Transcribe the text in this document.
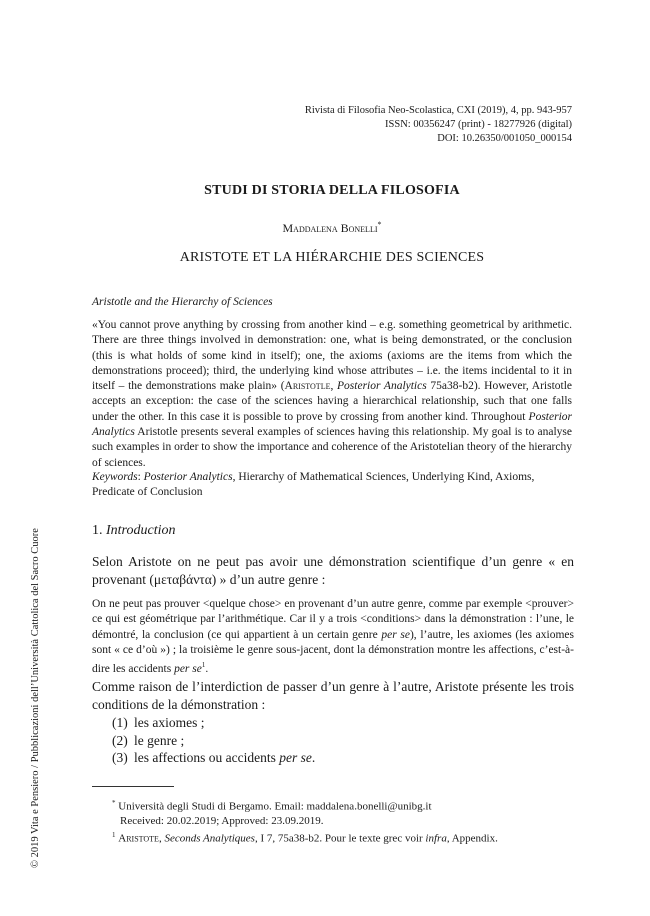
Rivista di Filosofia Neo-Scolastica, CXI (2019), 4, pp. 943-957
ISSN: 00356247 (print) - 18277926 (digital)
DOI: 10.26350/001050_000154
STUDI DI STORIA DELLA FILOSOFIA
Maddalena Bonelli*
ARISTOTE ET LA HIÉRARCHIE DES SCIENCES
Aristotle and the Hierarchy of Sciences
«You cannot prove anything by crossing from another kind – e.g. something geometrical by arithmetic. There are three things involved in demonstration: one, what is being demonstrated, or the conclusion (this is what holds of some kind in itself); one, the axioms (axioms are the items from which the demonstrations proceed); third, the underlying kind whose attributes – i.e. the items incidental to it in itself – the demonstrations make plain» (Aristotle, Posterior Analytics 75a38-b2). However, Aristotle accepts an exception: the case of the sciences having a hierarchical relationship, such that one falls under the other. In this case it is possible to prove by crossing from another kind. Throughout Posterior Analytics Aristotle presents several examples of sciences having this relationship. My goal is to analyse such examples in order to show the importance and coherence of the Aristotelian theory of the hierarchy of sciences.
Keywords: Posterior Analytics, Hierarchy of Mathematical Sciences, Underlying Kind, Axioms, Predicate of Conclusion
1. Introduction
Selon Aristote on ne peut pas avoir une démonstration scientifique d’un genre « en provenant (μεταβάντα) » d’un autre genre :
On ne peut pas prouver <quelque chose> en provenant d’un autre genre, comme par exemple <prouver> ce qui est géométrique par l’arithmétique. Car il y a trois <conditions> dans la démonstration : l’une, le démontré, la conclusion (ce qui appartient à un certain genre per se), l’autre, les axiomes (les axiomes sont « ce d’où ») ; la troisième le genre sous-jacent, dont la démonstration montre les affections, c’est-à-dire les accidents per $se^1$.
Comme raison de l’interdiction de passer d’un genre à l’autre, Aristote présente les trois conditions de la démonstration :
(1) les axiomes ;
(2) le genre ;
(3) les affections ou accidents per se.
* Università degli Studi di Bergamo. Email: maddalena.bonelli@unibg.it
Received: 20.02.2019; Approved: 23.09.2019.
$^1$ Aristote, Seconds Analytiques, I 7, 75a38-b2. Pour le texte grec voir infra, Appendix.
© 2019 Vita e Pensiero / Pubblicazioni dell’Università Cattolica del Sacro Cuore
